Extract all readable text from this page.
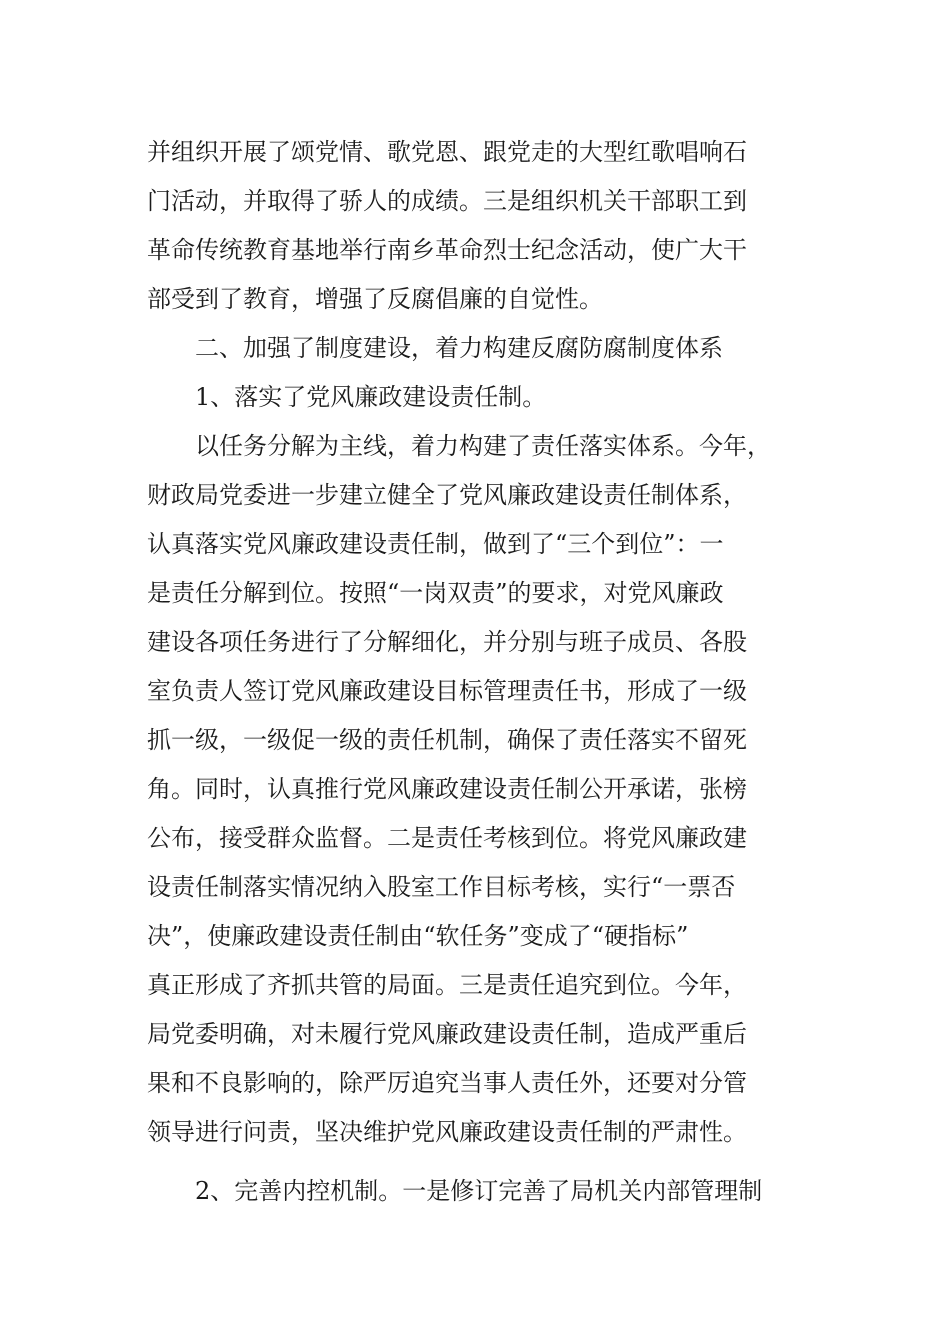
并组织开展了颂党情、歌党恩、跟党走的大型红歌唱响石
门活动，并取得了骄人的成绩。三是组织机关干部职工到
革命传统教育基地举行南乡革命烈士纪念活动，使广大干
部受到了教育，增强了反腐倡廉的自觉性。
二、加强了制度建设，着力构建反腐防腐制度体系
1、落实了党风廉政建设责任制。
以任务分解为主线，着力构建了责任落实体系。今年，
财政局党委进一步建立健全了党风廉政建设责任制体系，
认真落实党风廉政建设责任制，做到了“三个到位”：一
是责任分解到位。按照“一岗双责”的要求，对党风廉政
建设各项任务进行了分解细化，并分别与班子成员、各股
室负责人签订党风廉政建设目标管理责任书，形成了一级
抓一级，一级促一级的责任机制，确保了责任落实不留死
角。同时，认真推行党风廉政建设责任制公开承诺，张榜
公布，接受群众监督。二是责任考核到位。将党风廉政建
设责任制落实情况纳入股室工作目标考核，实行“一票否
决”，使廉政建设责任制由“软任务”变成了“硬指标”
真正形成了齐抓共管的局面。三是责任追究到位。今年，
局党委明确，对未履行党风廉政建设责任制，造成严重后
果和不良影响的，除严厉追究当事人责任外，还要对分管
领导进行问责，坚决维护党风廉政建设责任制的严肃性。
2、完善内控机制。一是修订完善了局机关内部管理制
